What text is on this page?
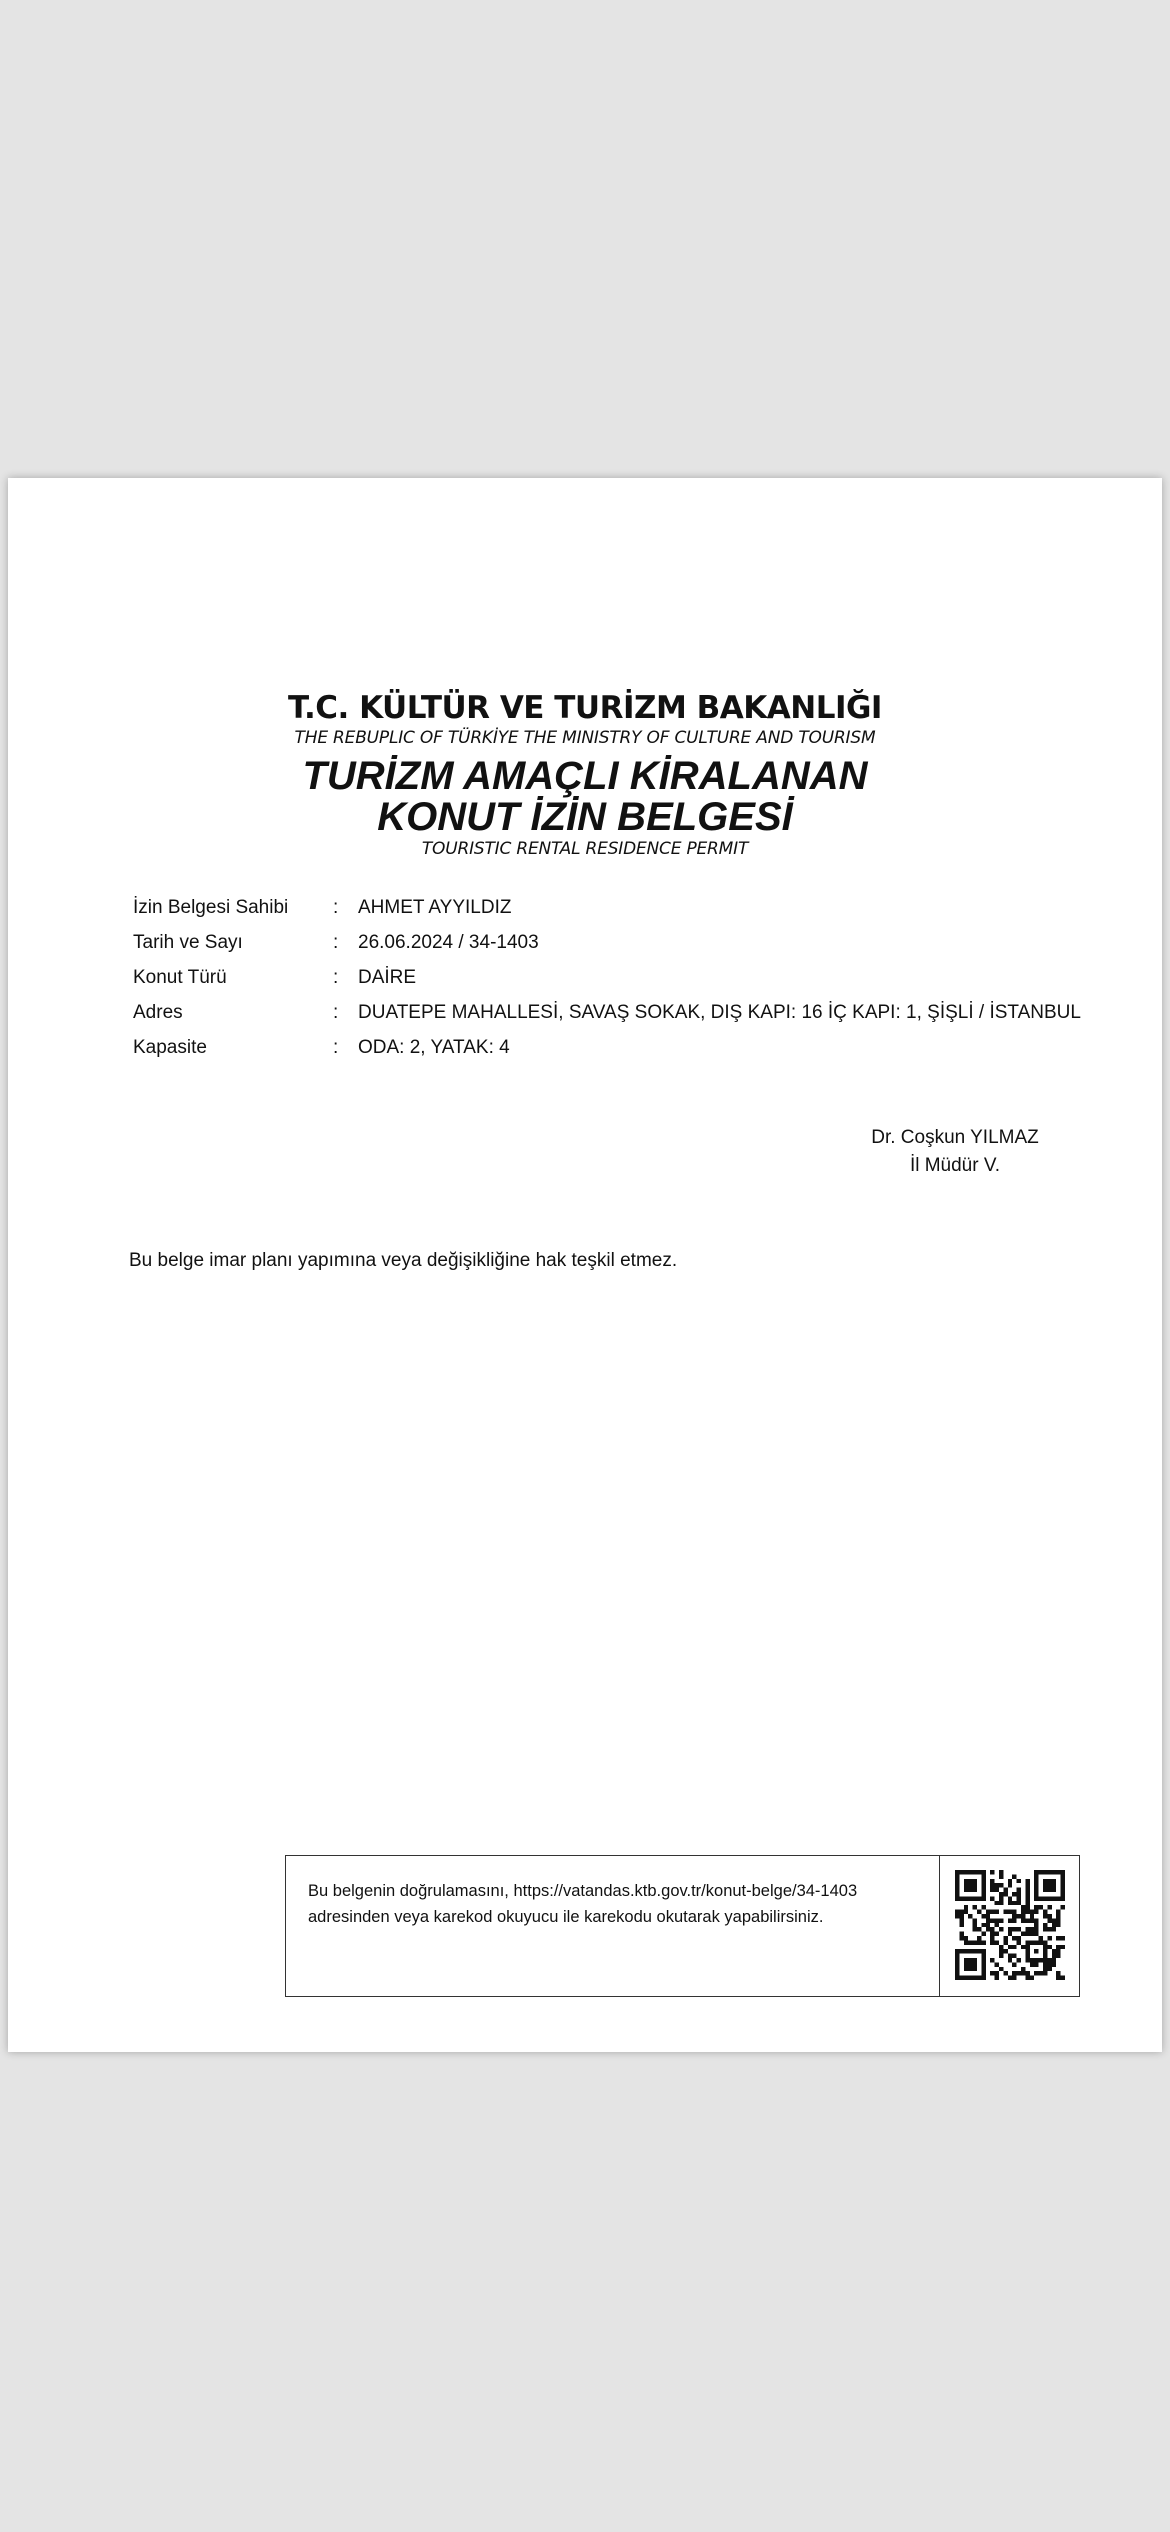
T.C. KÜLTÜR VE TURİZM BAKANLIĞI
THE REBUPLIC OF TÜRKİYE THE MINISTRY OF CULTURE AND TOURISM
TURİZM AMAÇLI KİRALANAN
KONUT İZİN BELGESİ
TOURISTIC RENTAL RESIDENCE PERMIT
İzin Belgesi Sahibi : AHMET AYYILDIZ
Tarih ve Sayı	: 26.06.2024 / 34-1403
Konut Türü	: DAİRE
Adres	: DUATEPE MAHALLESİ, SAVAŞ SOKAK, DIŞ KAPI: 16 İÇ KAPI: 1, ŞİŞLİ / İSTANBUL
Kapasite	: ODA: 2, YATAK: 4
Dr. Coşkun YILMAZ
İl Müdür V.
Bu belge imar planı yapımına veya değişikliğine hak teşkil etmez.
Bu belgenin doğrulamasını, https://vatandas.ktb.gov.tr/konut-belge/34-1403
adresinden veya karekod okuyucu ile karekodu okutarak yapabilirsiniz.
